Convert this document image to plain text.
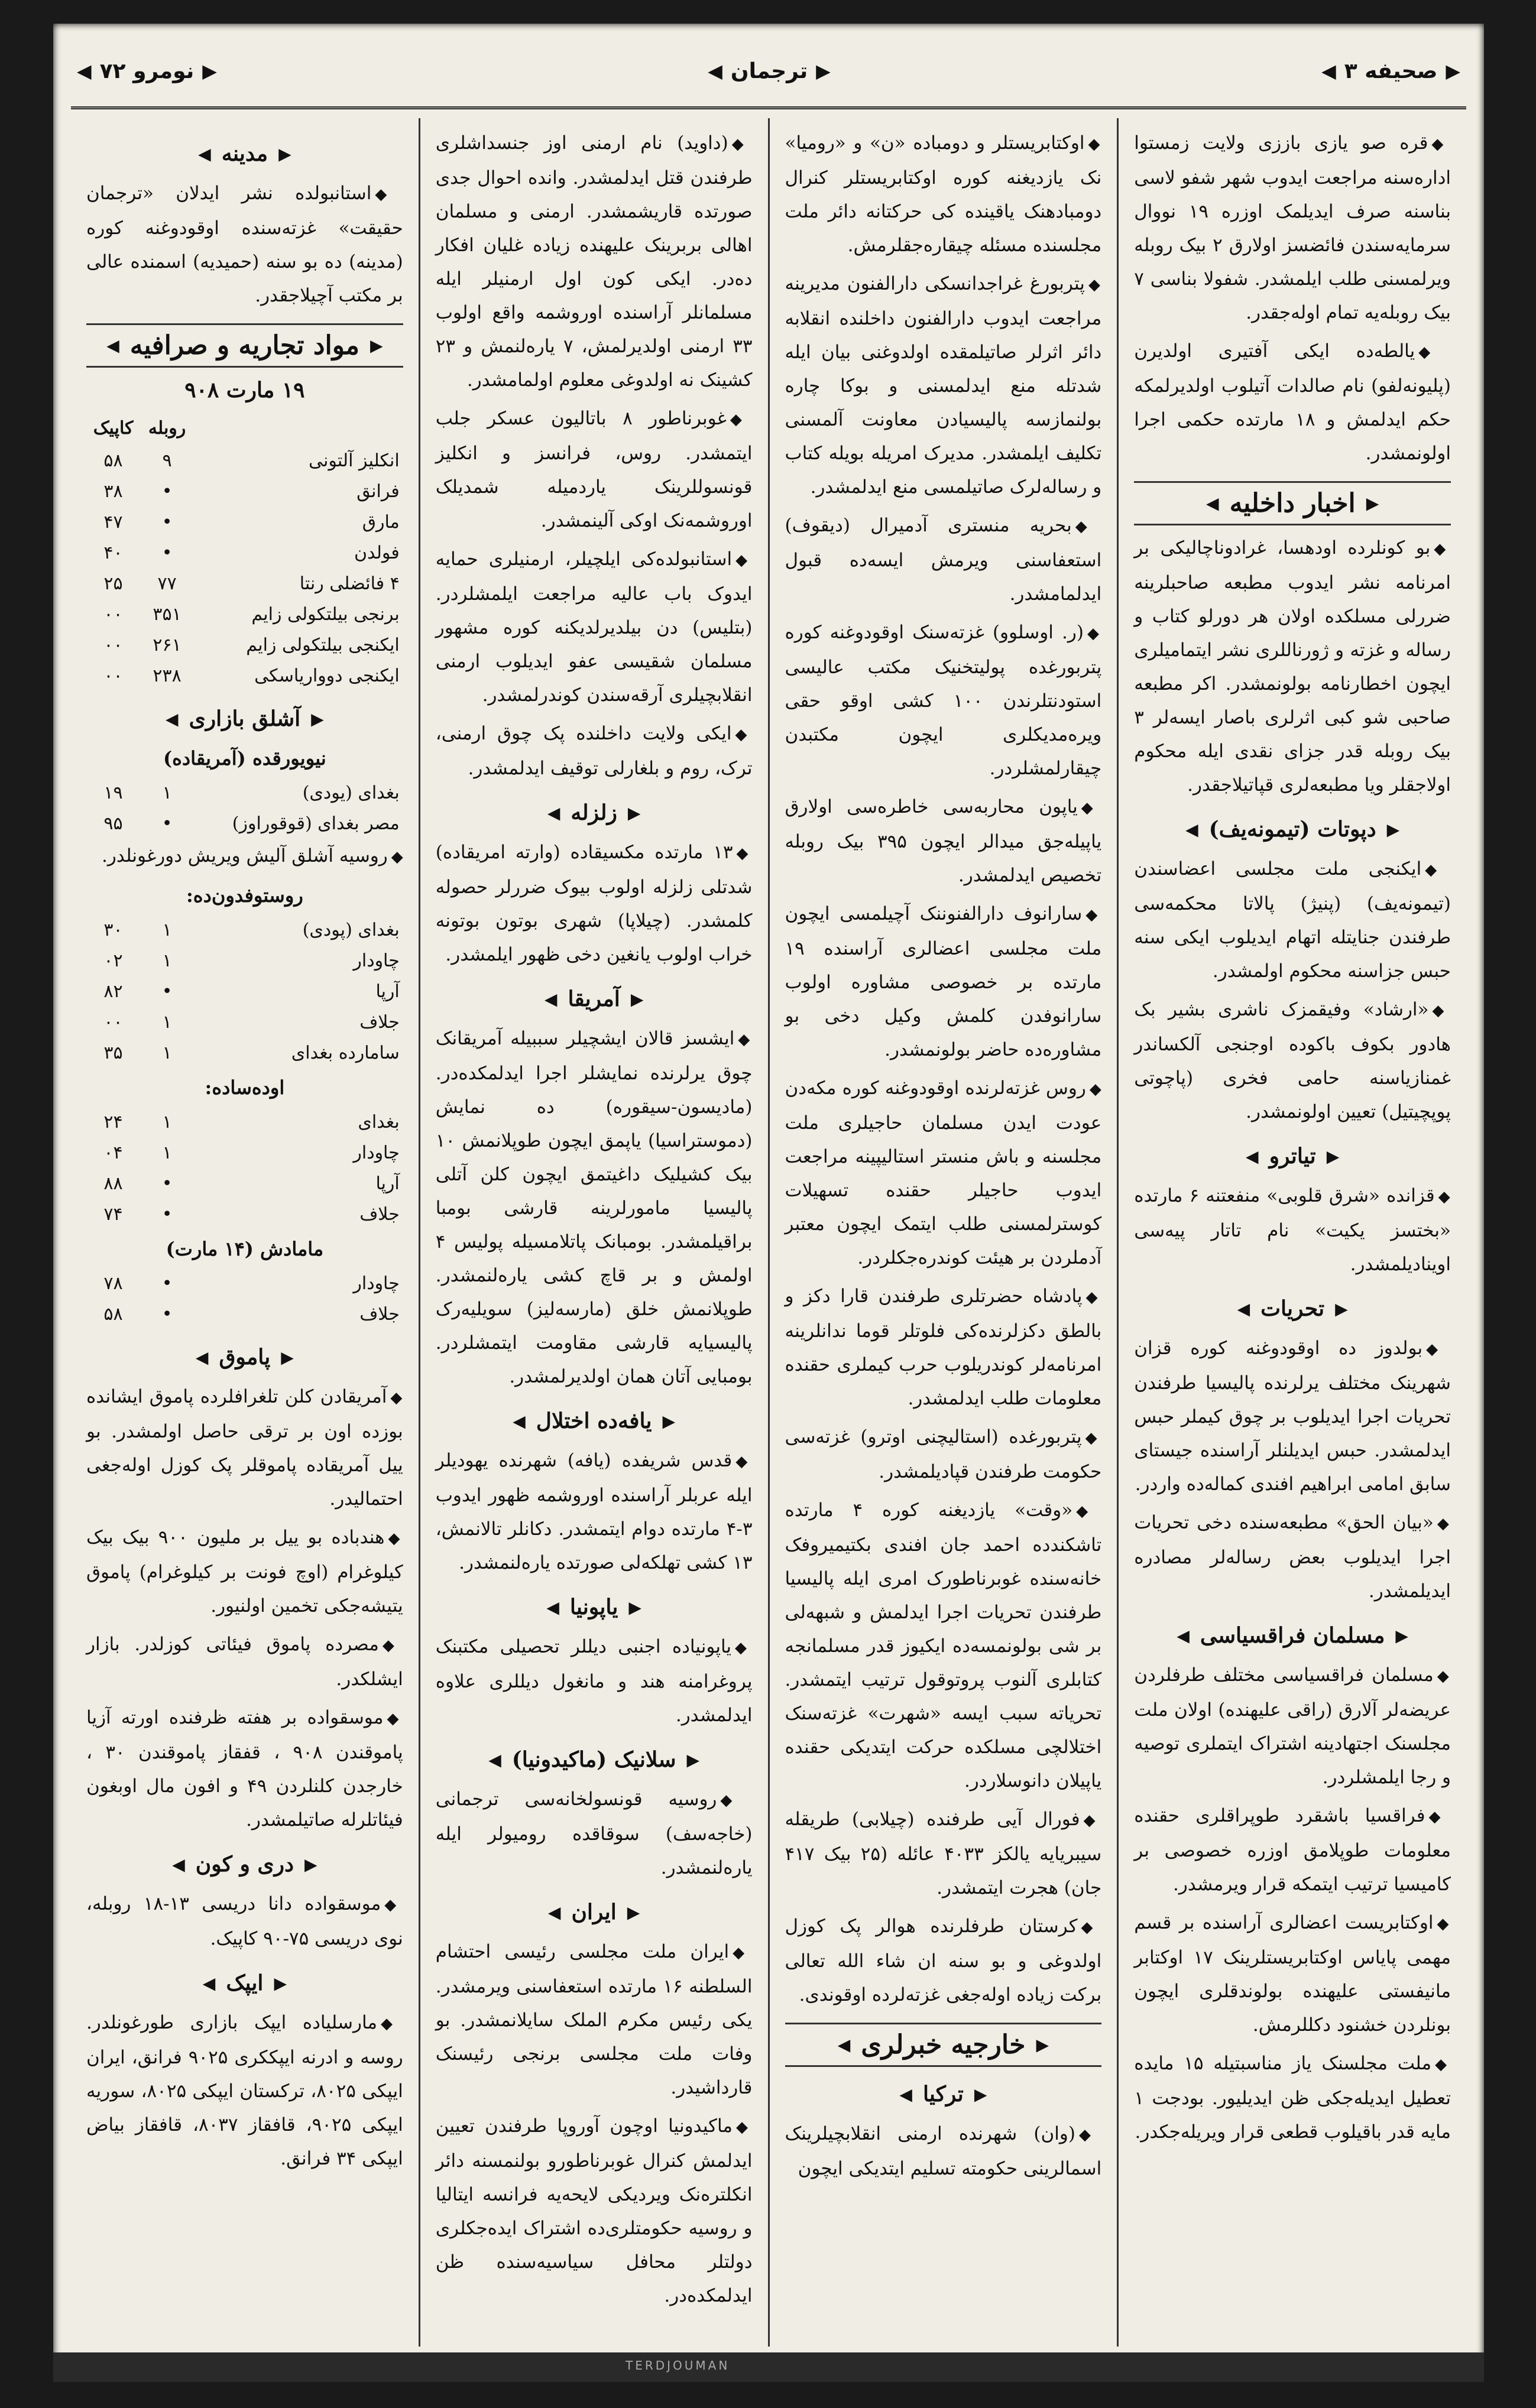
◀ نومرو ٧٢ ▶	◀ ترجمان ▶	◀ صحیفه ٣ ▶
◆قره صو یازی باززی ولایت زمستوا اداره‌سنه مراجعت ایدوب شهر شفو لاسی بناسنه صرف ایدیلمک اوزره ۱۹ نووال سرمایه‌سندن فائضسز اولارق ۲ بیک روبله ویرلمسنی طلب ایلمشدر. شفولا بناسی ۷ بیک روبله‌یه تمام اوله‌جقدر.
◆یالطه‌ده ایکی آفتیری اولدیرن (پلیونه‌لفو) نام صالدات آتیلوب اولدیرلمکه حکم ایدلمش و ۱۸ مارتده حکمی اجرا اولونمشدر.
▶
اخبار داخلیه
◀
◆بو کونلرده اودهسا، غرادوناچالیکی بر امرنامه نشر ایدوب مطبعه صاحبلرینه ضررلی مسلکده اولان هر دورلو کتاب و رساله و غزته و ژورناللری نشر ایتمامیلری ایچون اخطارنامه بولونمشدر. اکر مطبعه صاحبی شو کبی اثرلری باصار ایسه‌لر ۳ بیک روبله قدر جزای نقدی ایله محکوم اولاجقلر ویا مطبعه‌لری قپاتیلاجقدر.
▶
دپوتات (تیمونه‌یف)
◀
◆ایکنجی ملت مجلسی اعضاسندن (تیمونه‌یف) (پنیژ) پالاتا محکمه‌سی طرفندن جنایتله اتهام ایدیلوب ایکی سنه حبس جزاسنه محکوم اولمشدر.
◆«ارشاد» وفیقمزک ناشری بشیر بک هادور بکوف باکوده اوجنجی آلکساندر غمنازیاسنه حامی فخری (پاچوتی پوپچیتیل) تعیین اولونمشدر.
▶
تیاترو
◀
◆قزانده «شرق قلوبی» منفعتنه ۶ مارتده «بختسز یکیت» نام تاتار پیه‌سی اوینادیلمشدر.
▶
تحریات
◀
◆بولدوز ده اوقودوغنه کوره قزان شهرینک مختلف یرلرنده پالیسیا طرفندن تحریات اجرا ایدیلوب بر چوق کیملر حبس ایدلمشدر. حبس ایدیلنلر آراسنده جیستای سابق امامی ابراهیم افندی کماله‌ده واردر.
◆«بیان الحق» مطبعه‌سنده دخی تحریات اجرا ایدیلوب بعض رساله‌لر مصادره ایدیلمشدر.
▶
مسلمان فراقسیاسی
◀
◆مسلمان فراقسیاسی مختلف طرفلردن عریضه‌لر آلارق (راقی علیهنده) اولان ملت مجلسنک اجتهادینه اشتراک ایتملری توصیه و رجا ایلمشلردر.
◆فراقسیا باشقرد طوپراقلری حقنده معلومات طوپلامق اوزره خصوصی بر کامیسیا ترتیب ایتمکه قرار ویرمشدر.
◆اوکتابریست اعضالری آراسنده بر قسم مهمی پایاس اوکتابریستلرینک ۱۷ اوکتابر مانیفستی علیهنده بولوندقلری ایچون بونلردن خشنود دکللرمش.
◆ملت مجلسنک یاز مناسبتیله ۱۵ مایده تعطیل ایدیله‌جکی ظن ایدیلیور. بودجت ۱ مایه قدر باقیلوب قطعی قرار ویریله‌جکدر.
◆اوکتابریستلر و دومباده «ن» و «رومیا» نک یازدیغنه کوره اوکتابریستلر کنرال دومبادهنک یاقینده کی حرکتانه دائر ملت مجلسنده مسئله چیقاره‌جقلرمش.
◆پتربورغ غراجدانسکی دارالفنون مدیرینه مراجعت ایدوب دارالفنون داخلنده انقلابه دائر اثرلر صاتیلمقده اولدوغنی بیان ایله شدتله منع ایدلمسنی و بوکا چاره بولنمازسه پالیسیادن معاونت آلمسنی تکلیف ایلمشدر. مدیرک امریله بویله کتاب و رساله‌لرک صاتیلمسی منع ایدلمشدر.
◆بحریه منستری آدمیرال (دیقوف) استعفاسنی ویرمش ایسه‌ده قبول ایدلمامشدر.
◆(ر. اوسلوو) غزته‌سنک اوقودوغنه کوره پتربورغده پولیتخنیک مکتب عالیسی استودنتلرندن ۱۰۰ کشی اوقو حقی ویره‌مدیکلری ایچون مکتبدن چیقارلمشلردر.
◆یاپون محاربه‌سی خاطره‌سی اولارق یاپیله‌جق میدالر ایچون ۳۹۵ بیک روبله تخصیص ایدلمشدر.
◆سارانوف دارالفنوننک آچیلمسی ایچون ملت مجلسی اعضالری آراسنده ۱۹ مارتده بر خصوصی مشاوره اولوب سارانوفدن کلمش وکیل دخی بو مشاوره‌ده حاضر بولونمشدر.
◆روس غزته‌لرنده اوقودوغنه کوره مکه‌دن عودت ایدن مسلمان حاجیلری ملت مجلسنه و باش منستر استالیپینه مراجعت ایدوب حاجیلر حقنده تسهیلات کوسترلمسنی طلب ایتمک ایچون معتبر آدملردن بر هیئت کوندره‌جکلردر.
◆پادشاه حضرتلری طرفندن قارا دکز و بالطق دکزلرنده‌کی فلوتلر قوما ندانلرینه امرنامه‌لر کوندریلوب حرب کیملری حقنده معلومات طلب ایدلمشدر.
◆پتربورغده (استالیچنی اوترو) غزته‌سی حکومت طرفندن قپادیلمشدر.
◆«وقت» یازدیغنه کوره ۴ مارتده تاشکندده احمد جان افندی بکتیمیروفک خانه‌سنده غوبرناطورک امری ایله پالیسیا طرفندن تحریات اجرا ایدلمش و شبهه‌لی بر شی بولونمسه‌ده ایکیوز قدر مسلمانجه کتابلری آلنوب پروتوقول ترتیب ایتمشدر. تحریاته سبب ایسه «شهرت» غزته‌سنک اختلالچی مسلکده حرکت ایتدیکی حقنده یاپیلان دانوسلاردر.
◆فورال آیی طرفنده (چیلابی) طریقله سیبریایه یالکز ۴۰۳۳ عائله (۲۵ بیک ۴۱۷ جان) هجرت ایتمشدر.
◆کرستان طرفلرنده هوالر پک کوزل اولدوغی و بو سنه ان شاء الله تعالی برکت زیاده اوله‌جغی غزته‌لرده اوقوندی.
▶
خارجیه خبرلری
◀
▶
ترکیا
◀
◆(وان) شهرنده ارمنی انقلابچیلرینک اسمالرینی حکومته تسلیم ایتدیکی ایچون
◆(داوید) نام ارمنی اوز جنسداشلری طرفندن قتل ایدلمشدر. وانده احوال جدی صورتده قاریشمشدر. ارمنی و مسلمان اهالی بربرینک علیهنده زیاده غلیان افکار ده‌در. ایکی کون اول ارمنیلر ایله مسلمانلر آراسنده اوروشمه واقع اولوب ۳۳ ارمنی اولدیرلمش، ۷ یاره‌لنمش و ۲۳ کشینک نه اولدوغی معلوم اولمامشدر.
◆غوبرناطور ۸ باتالیون عسکر جلب ایتمشدر. روس، فرانسز و انکلیز قونسوللرینک یاردمیله شمدیلک اوروشمه‌نک اوکی آلینمشدر.
◆استانبولده‌کی ایلچیلر، ارمنیلری حمایه ایدوک باب عالیه مراجعت ایلمشلردر. (بتلیس) دن بیلدیرلدیکنه کوره مشهور مسلمان شقیسی عفو ایدیلوب ارمنی انقلابچیلری آرقه‌سندن کوندرلمشدر.
◆ایکی ولایت داخلنده پک چوق ارمنی، ترک، روم و بلغارلی توقیف ایدلمشدر.
▶
زلزله
◀
◆۱۳ مارتده مکسیقاده (وارته امریقاده) شدتلی زلزله اولوب بیوک ضررلر حصوله کلمشدر. (چیلاپا) شهری بوتون بوتونه خراب اولوب یانغین دخی ظهور ایلمشدر.
▶
آمریقا
◀
◆ایشسز قالان ایشچیلر سببیله آمریقانک چوق یرلرنده نمایشلر اجرا ایدلمکده‌در. (مادیسون-سیقوره) ده نمایش (دموستراسیا) یاپمق ایچون طوپلانمش ۱۰ بیک کشیلیک داغیتمق ایچون کلن آتلی پالیسیا مامورلرینه قارشی بومبا براقیلمشدر. بومبانک پاتلامسیله پولیس ۴ اولمش و بر قاچ کشی یاره‌لنمشدر. طوپلانمش خلق (مارسه‌لیز) سویلیه‌رک پالیسیایه قارشی مقاومت ایتمشلردر. بومبایی آتان همان اولدیرلمشدر.
▶
یافه‌ده اختلال
◀
◆قدس شریفده (یافه) شهرنده یهودیلر ایله عربلر آراسنده اوروشمه ظهور ایدوب ۳-۴ مارتده دوام ایتمشدر. دکانلر تالانمش، ۱۳ کشی تهلکه‌لی صورتده یاره‌لنمشدر.
▶
یاپونیا
◀
◆یاپونیاده اجنبی دیللر تحصیلی مکتبنک پروغرامنه هند و مانغول دیللری علاوه ایدلمشدر.
▶
سلانیک (ماکیدونیا)
◀
◆روسیه قونسولخانه‌سی ترجمانی (خاجه‌سف) سوقاقده رومیولر ایله یاره‌لنمشدر.
▶
ایران
◀
◆ایران ملت مجلسی رئیسی احتشام السلطنه ۱۶ مارتده استعفاسنی ویرمشدر. یکی رئیس مکرم الملک سایلانمشدر. بو وفات ملت مجلسی برنجی رئیسنک قارداشیدر.
◆ماکیدونیا اوچون آوروپا طرفندن تعیین ایدلمش کنرال غوبرناطورو بولنمسنه دائر انکلتره‌نک ویردیکی لایحه‌یه فرانسه ایتالیا و روسیه حکومتلری‌ده اشتراک ایده‌جکلری دولتلر محافل سیاسیه‌سنده ظن ایدلمکده‌در.
▶
مدینه
◀
◆استانبولده نشر ایدلان «ترجمان حقیقت» غزته‌سنده اوقودوغنه کوره (مدینه) ده بو سنه (حمیدیه) اسمنده عالی بر مکتب آچیلاجقدر.
▶
مواد تجاریه و صرافیه
◀
۱۹ مارت ۹۰۸
	روبله	کاپیک
انکلیز آلتونی	۹	۵۸
فرانق	•	۳۸
مارق	•	۴۷
فولدن	•	۴۰
۴ فائضلی رنتا	۷۷	۲۵
برنجی بیلتکولی زایم	۳۵۱	۰۰
ایکنجی بیلتکولی زایم	۲۶۱	۰۰
ایکنجی دوواریاسکی	۲۳۸	۰۰
▶
آشلق بازاری
◀
نیویورقده (آمریقاده)
بغدای (یودی)	۱	۱۹
مصر بغدای (قوقوراوز)	•	۹۵
◆روسیه آشلق آلیش ویریش دورغونلدر.
روستوفدون‌ده:
بغدای (پودی)	۱	۳۰
چاودار	۱	۰۲
آرپا	•	۸۲
جلاف	۱	۰۰
سامارده بغدای	۱	۳۵
اوده‌ساده:
بغدای	۱	۲۴
چاودار	۱	۰۴
آرپا	•	۸۸
جلاف	•	۷۴
مامادش (۱۴ مارت)
چاودار	•	۷۸
جلاف	•	۵۸
▶
پاموق
◀
◆آمریقادن کلن تلغرافلرده پاموق ایشانده بوزده اون بر ترقی حاصل اولمشدر. بو ییل آمریقاده پاموقلر پک کوزل اوله‌جغی احتمالیدر.
◆هندباده بو ییل بر ملیون ۹۰۰ بیک بیک کیلوغرام (اوچ فونت بر کیلوغرام) پاموق یتیشه‌جکی تخمین اولنیور.
◆مصرده پاموق فیئاتی کوزلدر. بازار ایشلکدر.
◆موسقواده بر هفته ظرفنده اورته آزیا پاموقندن ۹۰۸ ، قفقاز پاموقندن ۳۰ ، خارجدن کلنلردن ۴۹ و افون مال اوبغون فیئاتلرله صاتیلمشدر.
▶
دری و کون
◀
◆موسقواده دانا دریسی ۱۳-۱۸ روبله، نوی دریسی ۷۵-۹۰ کاپیک.
▶
ایپک
◀
◆مارسلیاده ایپک بازاری طورغونلدر. روسه و ادرنه ایپککری ۹۰۲۵ فرانق، ایران ایپکی ۸۰۲۵، ترکستان ایپکی ۸۰۲۵، سوریه ایپکی ۹۰۲۵، قافقاز ۸۰۳۷، قافقاز بیاض ایپکی ۳۴ فرانق.
TERDJOUMAN
